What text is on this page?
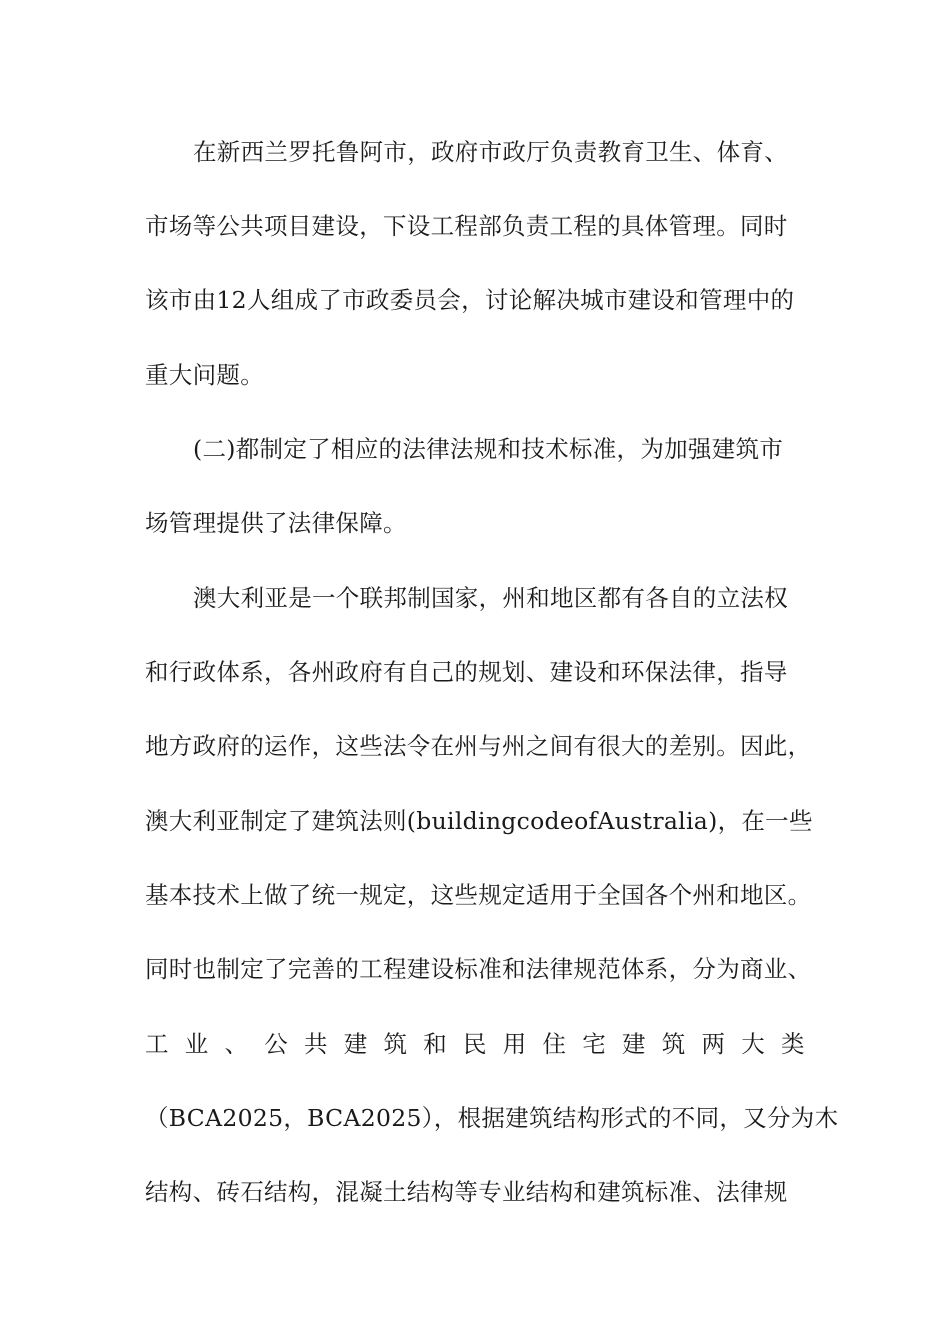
在新西兰罗托鲁阿市，政府市政厅负责教育卫生、体育、
市场等公共项目建设，下设工程部负责工程的具体管理。同时
该市由12人组成了市政委员会，讨论解决城市建设和管理中的
重大问题。
(二)都制定了相应的法律法规和技术标准，为加强建筑市
场管理提供了法律保障。
澳大利亚是一个联邦制国家，州和地区都有各自的立法权
和行政体系，各州政府有自己的规划、建设和环保法律，指导
地方政府的运作，这些法令在州与州之间有很大的差别。因此，
澳大利亚制定了建筑法则(buildingcodeofAustralia)，在一些
基本技术上做了统一规定，这些规定适用于全国各个州和地区。
同时也制定了完善的工程建设标准和法律规范体系，分为商业、
工 业 、 公 共 建 筑 和 民 用 住 宅 建 筑 两 大 类
（BCA2025，BCA2025），根据建筑结构形式的不同，又分为木
结构、砖石结构，混凝土结构等专业结构和建筑标准、法律规
